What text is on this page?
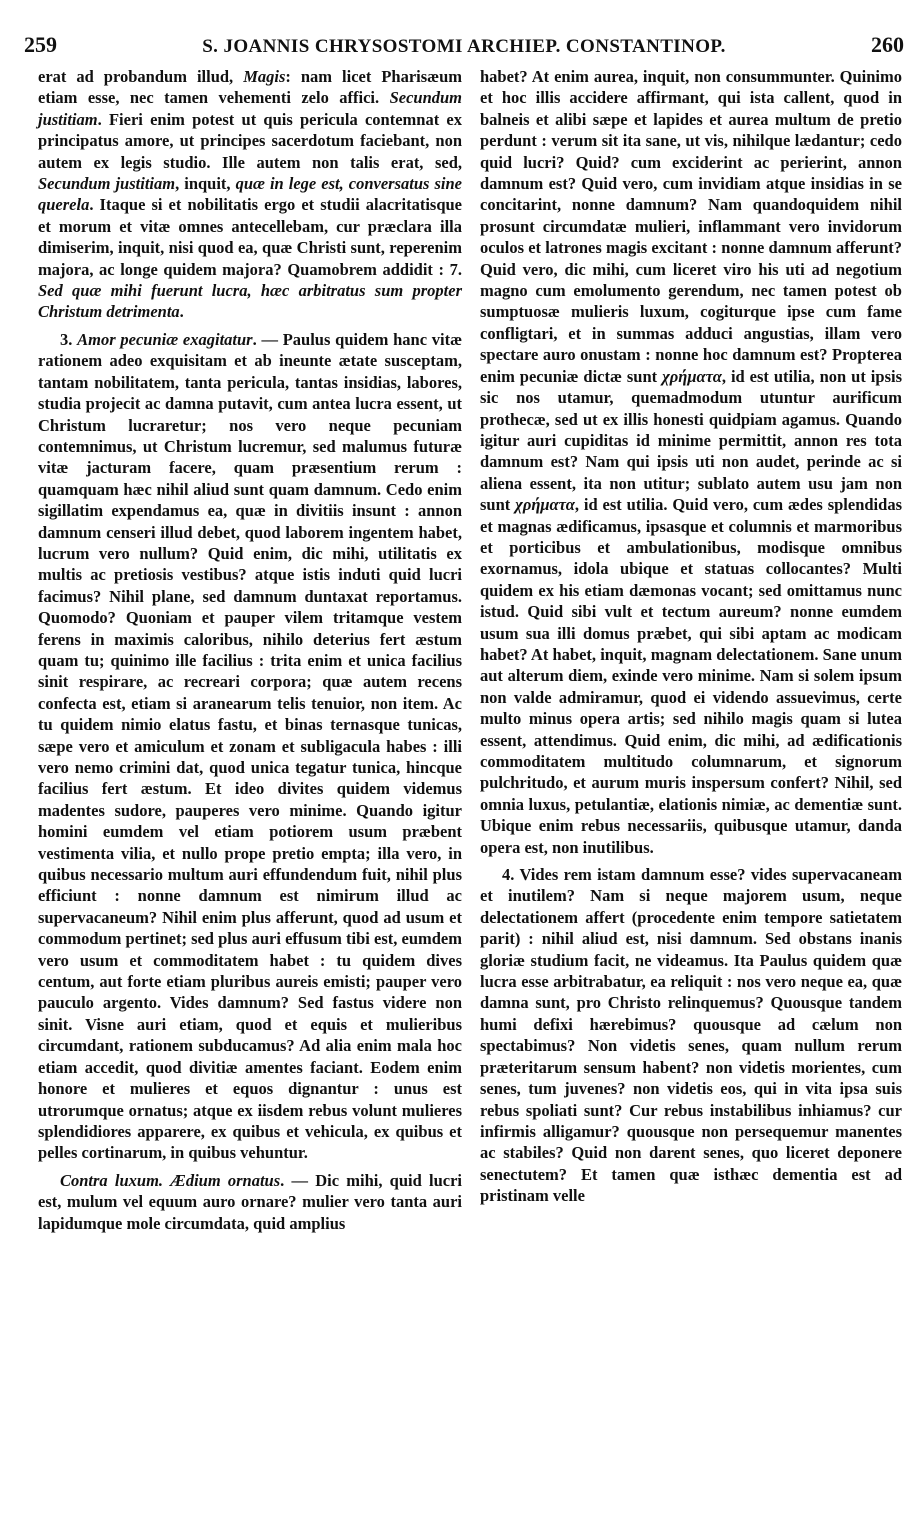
259	S. JOANNIS CHRYSOSTOMI ARCHIEP. CONSTANTINOP.	260

erat ad probandum illud, Magis: nam licet Pharisæum etiam esse, nec tamen vehementi zelo affici. Secundum justitiam. Fieri enim potest ut quis pericula contemnat ex principatus amore, ut principes sacerdotum faciebant, non autem ex legis studio. Ille autem non talis erat, sed, Secundum justitiam, inquit, quæ in lege est, conversatus sine querela. Itaque si et nobilitatis ergo et studii alacritatisque et morum et vitæ omnes antecellebam, cur præclara illa dimiserim, inquit, nisi quod ea, quæ Christi sunt, reperenim majora, ac longe quidem majora? Quamobrem addidit : 7. Sed quæ mihi fuerunt lucra, hæc arbitratus sum propter Christum detrimenta.

3. Amor pecuniæ exagitatur. — Paulus quidem hanc vitæ rationem adeo exquisitam et ab ineunte ætate susceptam, tantam nobilitatem, tanta pericula, tantas insidias, labores, studia projecit ac damna putavit, cum antea lucra essent, ut Christum lucraretur; nos vero neque pecuniam contemnimus, ut Christum lucremur, sed malumus futuræ vitæ jacturam facere, quam præsentium rerum : quamquam hæc nihil aliud sunt quam damnum. Cedo enim sigillatim expendamus ea, quæ in divitiis insunt : annon damnum censeri illud debet, quod laborem ingentem habet, lucrum vero nullum? Quid enim, dic mihi, utilitatis ex multis ac pretiosis vestibus? atque istis induti quid lucri facimus? Nihil plane, sed damnum duntaxat reportamus. Quomodo? Quoniam et pauper vilem tritamque vestem ferens in maximis caloribus, nihilo deterius fert æstum quam tu; quinimo ille facilius : trita enim et unica facilius sinit respirare, ac recreari corpora; quæ autem recens confecta est, etiam si aranearum telis tenuior, non item. Ac tu quidem nimio elatus fastu, et binas ternasque tunicas, sæpe vero et amiculum et zonam et subligacula habes : illi vero nemo crimini dat, quod unica tegatur tunica, hincque facilius fert æstum. Et ideo divites quidem videmus madentes sudore, pauperes vero minime. Quando igitur homini eumdem vel etiam potiorem usum præbent vestimenta vilia, et nullo prope pretio empta; illa vero, in quibus necessario multum auri effundendum fuit, nihil plus efficiunt : nonne damnum est nimirum illud ac supervacaneum? Nihil enim plus afferunt, quod ad usum et commodum pertinet; sed plus auri effusum tibi est, eumdem vero usum et commoditatem habet : tu quidem dives centum, aut forte etiam pluribus aureis emisti; pauper vero pauculo argento. Vides damnum? Sed fastus videre non sinit. Visne auri etiam, quod et equis et mulieribus circumdant, rationem subducamus? Ad alia enim mala hoc etiam accedit, quod divitiæ amentes faciant. Eodem enim honore et mulieres et equos dignantur : unus est utrorumque ornatus; atque ex iisdem rebus volunt mulieres splendidiores apparere, ex quibus et vehicula, ex quibus et pelles cortinarum, in quibus vehuntur.

Contra luxum. Ædium ornatus. — Dic mihi, quid lucri est, mulum vel equum auro ornare? mulier vero tanta auri lapidumque mole circumdata, quid amplius

habet? At enim aurea, inquit, non consummunter. Quinimo et hoc illis accidere affirmant, qui ista callent, quod in balneis et alibi sæpe et lapides et aurea multum de pretio perdunt : verum sit ita sane, ut vis, nihilque lædantur; cedo quid lucri? Quid? cum exciderint ac perierint, annon damnum est? Quid vero, cum invidiam atque insidias in se concitarint, nonne damnum? Nam quandoquidem nihil prosunt circumdatæ mulieri, inflammant vero invidorum oculos et latrones magis excitant : nonne damnum afferunt? Quid vero, dic mihi, cum liceret viro his uti ad negotium magno cum emolumento gerendum, nec tamen potest ob sumptuosæ mulieris luxum, cogiturque ipse cum fame confligtari, et in summas adduci angustias, illam vero spectare auro onustam : nonne hoc damnum est? Propterea enim pecuniæ dictæ sunt χρήματα, id est utilia, non ut ipsis sic nos utamur, quemadmodum utuntur aurificum prothecæ, sed ut ex illis honesti quidpiam agamus. Quando igitur auri cupiditas id minime permittit, annon res tota damnum est? Nam qui ipsis uti non audet, perinde ac si aliena essent, ita non utitur; sublato autem usu jam non sunt χρήματα, id est utilia. Quid vero, cum ædes splendidas et magnas ædificamus, ipsasque et columnis et marmoribus et porticibus et ambulationibus, modisque omnibus exornamus, idola ubique et statuas collocantes? Multi quidem ex his etiam dæmonas vocant; sed omittamus nunc istud. Quid sibi vult et tectum aureum? nonne eumdem usum sua illi domus præbet, qui sibi aptam ac modicam habet? At habet, inquit, magnam delectationem. Sane unum aut alterum diem, exinde vero minime. Nam si solem ipsum non valde admiramur, quod ei videndo assuevimus, certe multo minus opera artis; sed nihilo magis quam si lutea essent, attendimus. Quid enim, dic mihi, ad ædificationis commoditatem multitudo columnarum, et signorum pulchritudo, et aurum muris inspersum confert? Nihil, sed omnia luxus, petulantiæ, elationis nimiæ, ac dementiæ sunt. Ubique enim rebus necessariis, quibusque utamur, danda opera est, non inutilibus.

4. Vides rem istam damnum esse? vides supervacaneam et inutilem? Nam si neque majorem usum, neque delectationem affert (procedente enim tempore satietatem parit) : nihil aliud est, nisi damnum. Sed obstans inanis gloriæ studium facit, ne videamus. Ita Paulus quidem quæ lucra esse arbitrabatur, ea reliquit : nos vero neque ea, quæ damna sunt, pro Christo relinquemus? Quousque tandem humi defixi hærebimus? quousque ad cælum non spectabimus? Non videtis senes, quam nullum rerum præteritarum sensum habent? non videtis morientes, cum senes, tum juvenes? non videtis eos, qui in vita ipsa suis rebus spoliati sunt? Cur rebus instabilibus inhiamus? cur infirmis alligamur? quousque non persequemur manentes ac stabiles? Quid non darent senes, quo liceret deponere senectutem? Et tamen quæ isthæc dementia est ad pristinam velle
